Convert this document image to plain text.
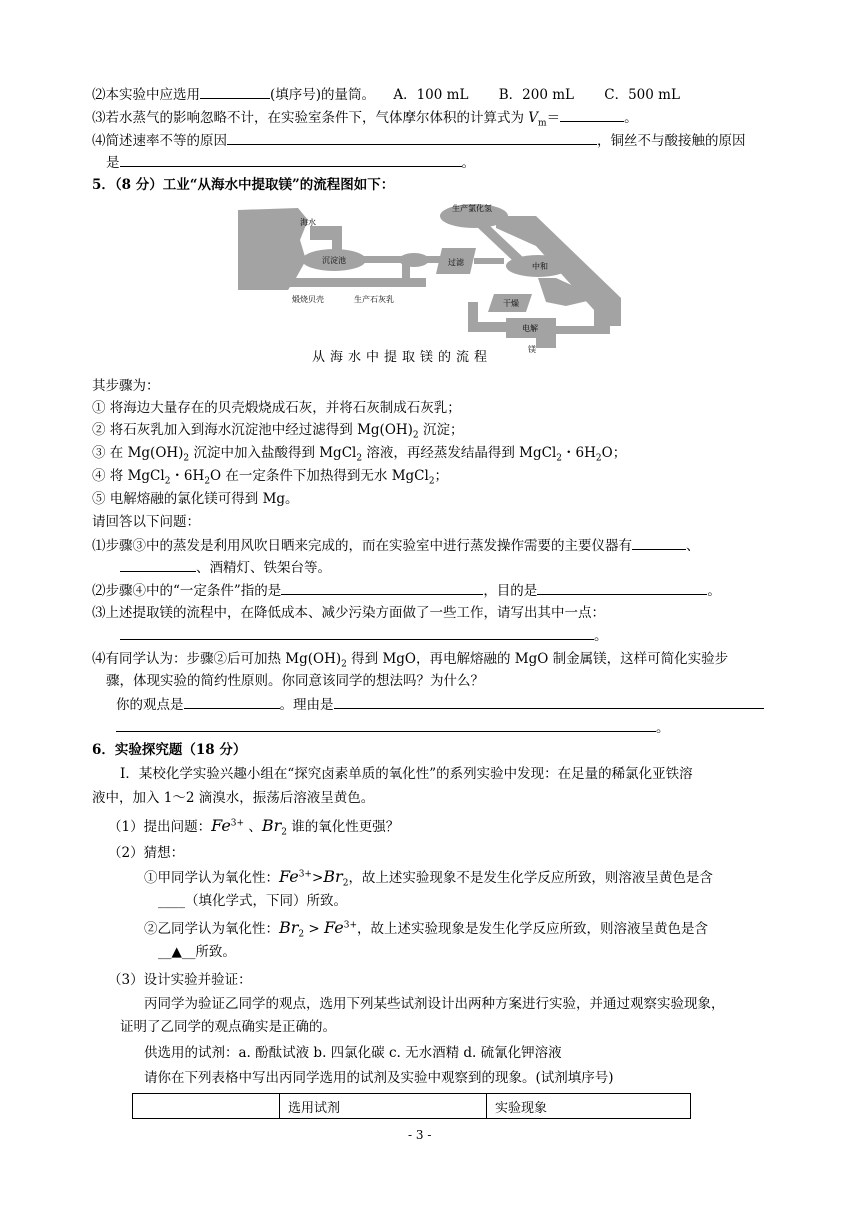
⑵本实验中应选用	(填序号)的量筒。 A．100 mL B．200 mL C．500 mL
⑶若水蒸气的影响忽略不计，在实验室条件下，气体摩尔体积的计算式为 $V_m=$	。
⑷简述速率不等的原因	，铜丝不与酸接触的原因
是	。
5．（8 分）工业“从海水中提取镁”的流程图如下：
海水
沉淀池	过滤
生产氯化氢
中和
干燥
电解
镁
煅烧贝壳	生产石灰乳
从海水中提取镁的流程
其步骤为：
① 将海边大量存在的贝壳煅烧成石灰，并将石灰制成石灰乳；
② 将石灰乳加入到海水沉淀池中经过滤得到 $Mg(OH)_2$ 沉淀；
③ 在 $Mg(OH)_2$ 沉淀中加入盐酸得到 MgCl$_2$ 溶液，再经蒸发结晶得到 MgCl$_2$・$6H_2O$；
④ 将 MgCl$_2$・$6H_2O$ 在一定条件下加热得到无水 MgCl$_2$；
⑤ 电解熔融的氯化镁可得到 Mg。
请回答以下问题：
⑴步骤③中的蒸发是利用风吹日晒来完成的，而在实验室中进行蒸发操作需要的主要仪器有	、
、酒精灯、铁架台等。
⑵步骤④中的“一定条件”指的是	，目的是	。
⑶上述提取镁的流程中，在降低成本、减少污染方面做了一些工作，请写出其中一点：
。
⑷有同学认为：步骤②后可加热 $Mg(OH)_2$ 得到 MgO，再电解熔融的 MgO 制金属镁，这样可简化实验步
骤，体现实验的简约性原则。你同意该同学的想法吗？为什么？
你的观点是	。理由是
。
6．实验探究题（18 分）
Ⅰ．某校化学实验兴趣小组在“探究卤素单质的氧化性”的系列实验中发现：在足量的稀氯化亚铁溶
液中，加入 1～2 滴溴水，振荡后溶液呈黄色。
（1）提出问题：$Fe^{3+}$ 、$Br_2$ 谁的氧化性更强？
（2）猜想：
①甲同学认为氧化性：$Fe^{3+}>Br_2$，故上述实验现象不是发生化学反应所致，则溶液呈黄色是含
____（填化学式，下同）所致。
②乙同学认为氧化性：$Br_2 > Fe^{3+}$，故上述实验现象是发生化学反应所致，则溶液呈黄色是含
__▲__所致。
（3）设计实验并验证：
丙同学为验证乙同学的观点，选用下列某些试剂设计出两种方案进行实验，并通过观察实验现象，
证明了乙同学的观点确实是正确的。
供选用的试剂：a. 酚酞试液 b. 四氯化碳 c. 无水酒精 d. 硫氰化钾溶液
请你在下列表格中写出丙同学选用的试剂及实验中观察到的现象。(试剂填序号)
	选用试剂	实验现象
- 3 -
